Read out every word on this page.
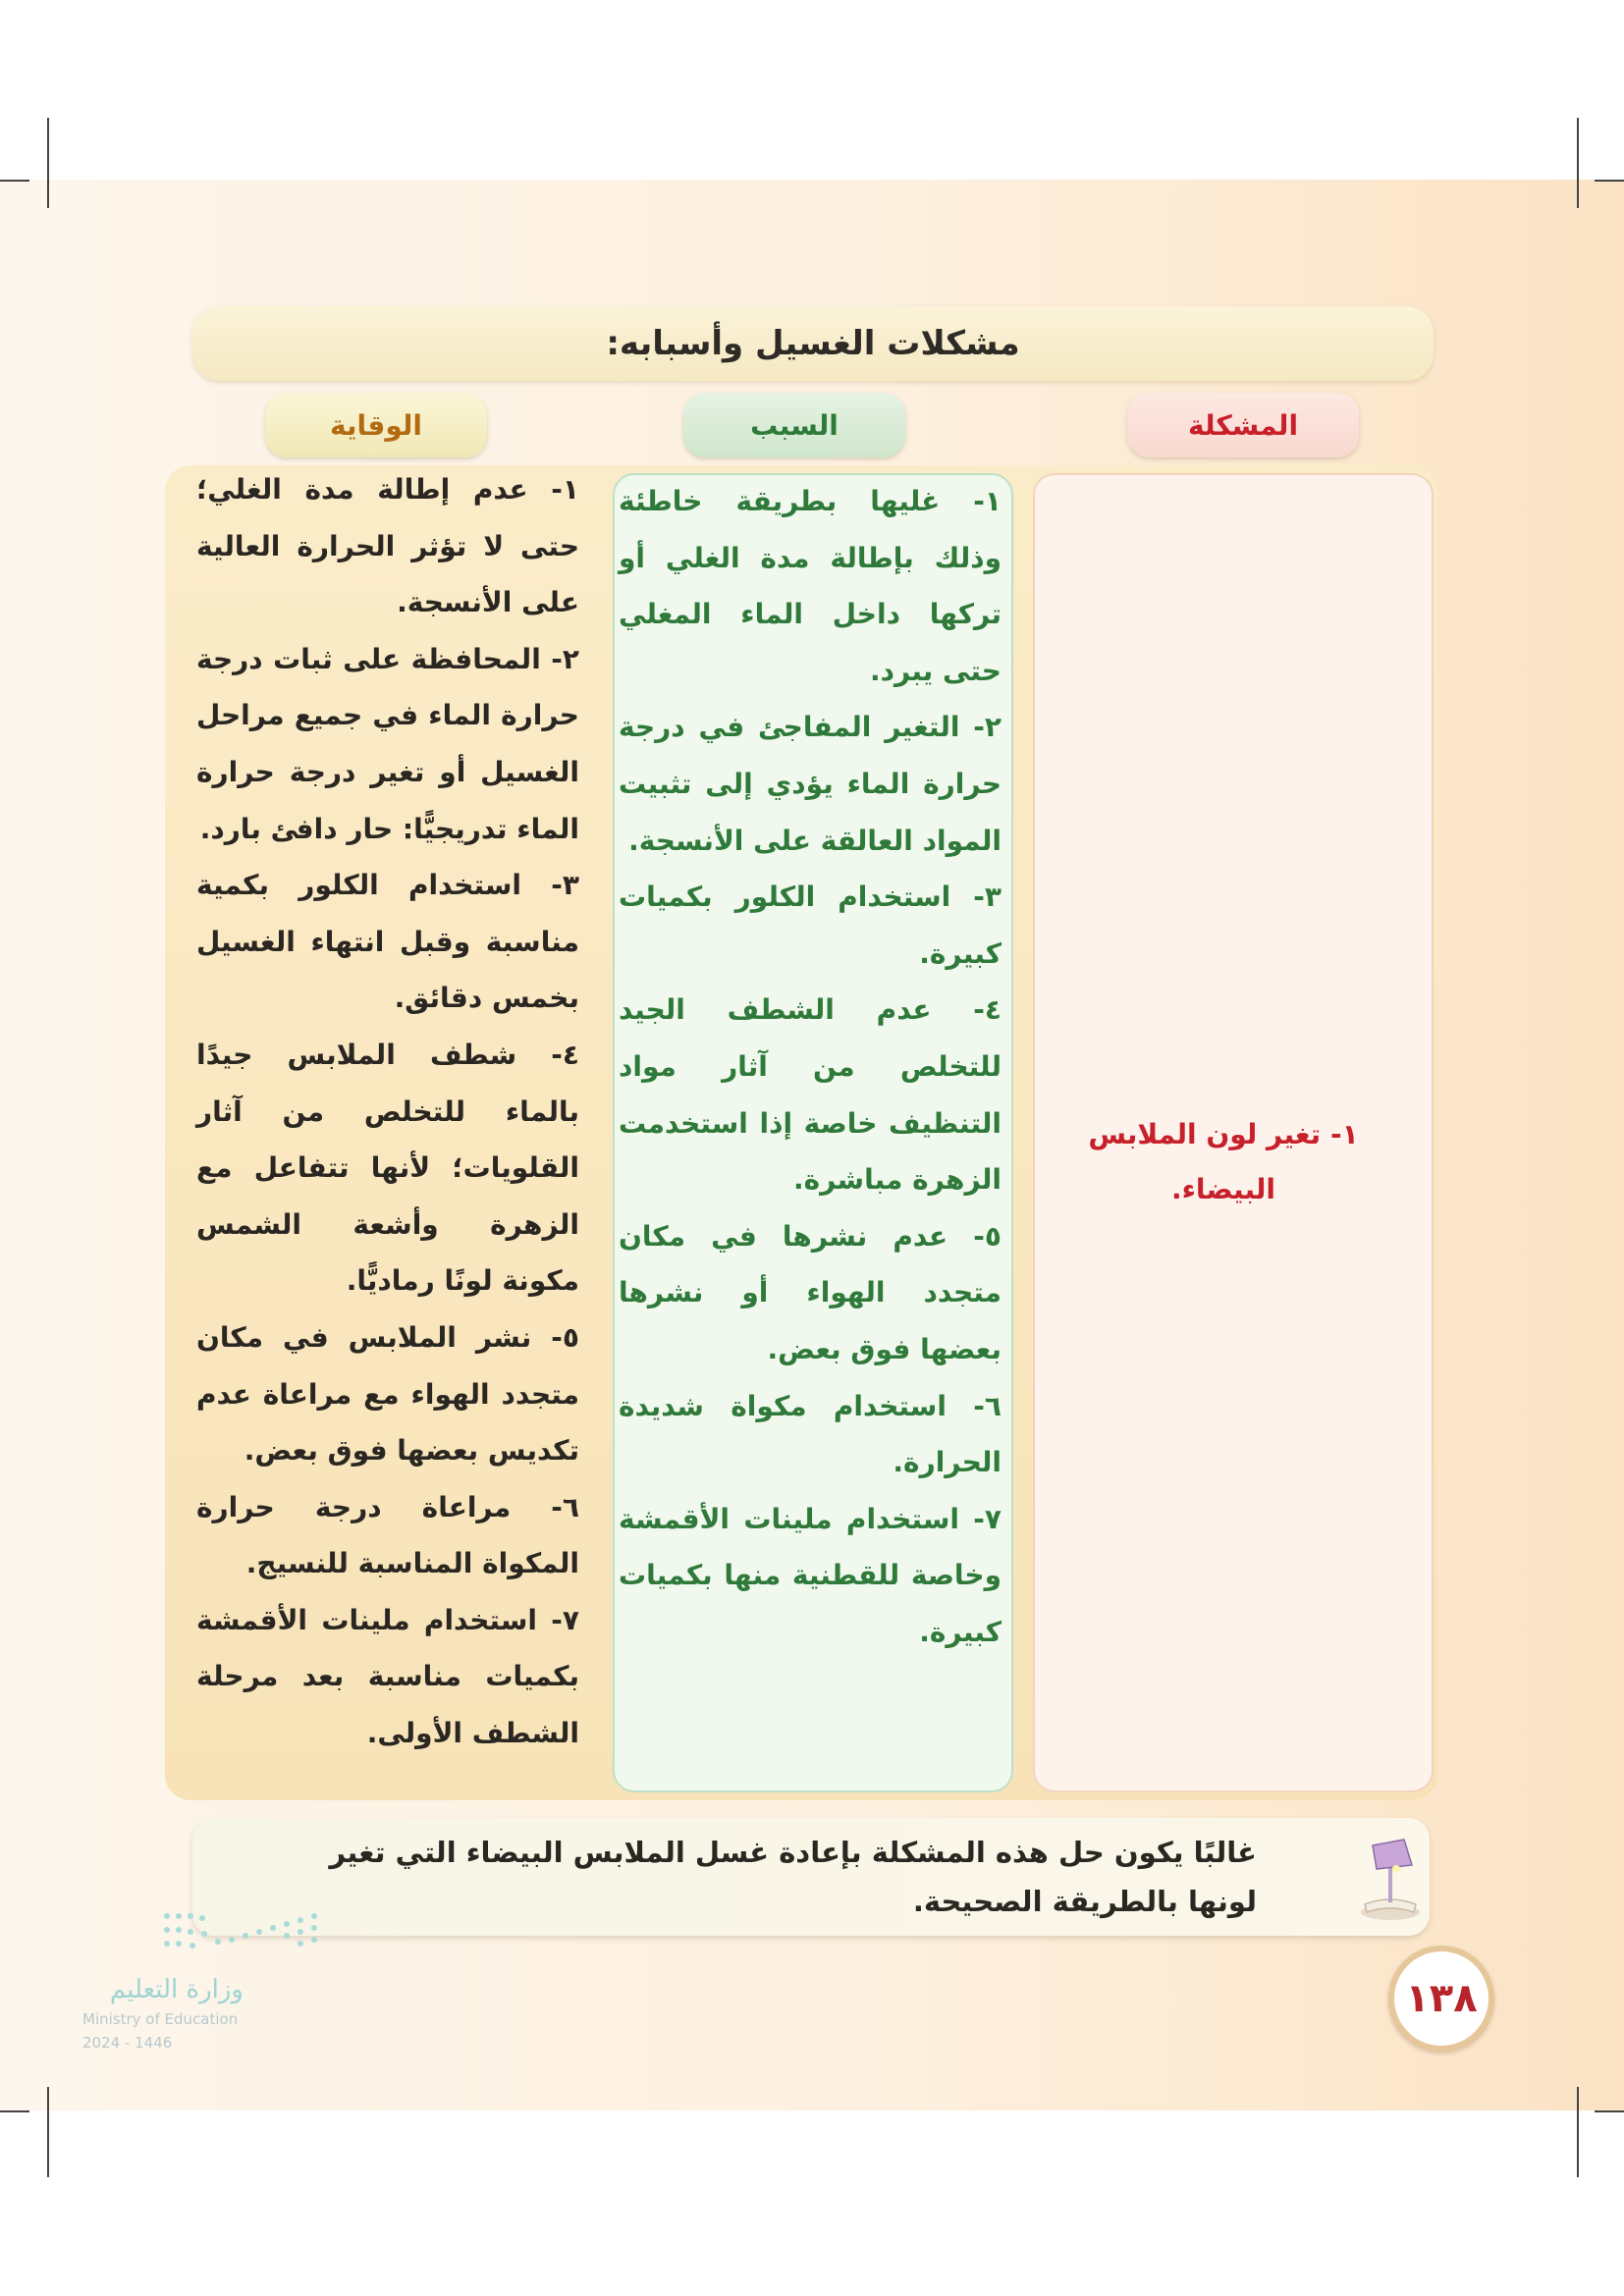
مشكلات الغسيل وأسبابه:
المشكلة
السبب
الوقاية
١- تغير لون الملابس البيضاء.

١- غليها بطريقة خاطئة وذلك بإطالة مدة الغلي أو تركها داخل الماء المغلي حتى يبرد.

٢- التغير المفاجئ في درجة حرارة الماء يؤدي إلى تثبيت المواد العالقة على الأنسجة.

٣- استخدام الكلور بكميات كبيرة.

٤- عدم الشطف الجيد للتخلص من آثار مواد التنظيف خاصة إذا استخدمت الزهرة مباشرة.

٥- عدم نشرها في مكان متجدد الهواء أو نشرها بعضها فوق بعض.

٦- استخدام مكواة شديدة الحرارة.

٧- استخدام ملينات الأقمشة وخاصة للقطنية منها بكميات كبيرة.

١- عدم إطالة مدة الغلي؛ حتى لا تؤثر الحرارة العالية على الأنسجة.

٢- المحافظة على ثبات درجة حرارة الماء في جميع مراحل الغسيل أو تغير درجة حرارة الماء تدريجيًّا: حار دافئ بارد.

٣- استخدام الكلور بكمية مناسبة وقبل انتهاء الغسيل بخمس دقائق.

٤- شطف الملابس جيدًا بالماء للتخلص من آثار القلويات؛ لأنها تتفاعل مع الزهرة وأشعة الشمس مكونة لونًا رماديًّا.

٥- نشر الملابس في مكان متجدد الهواء مع مراعاة عدم تكديس بعضها فوق بعض.

٦- مراعاة درجة حرارة المكواة المناسبة للنسيج.

٧- استخدام ملينات الأقمشة بكميات مناسبة بعد مرحلة الشطف الأولى.

غالبًا يكون حل هذه المشكلة بإعادة غسل الملابس البيضاء التي تغير لونها بالطريقة الصحيحة.
وزارة التعليم
Ministry of Education
2024 - 1446
١٣٨
